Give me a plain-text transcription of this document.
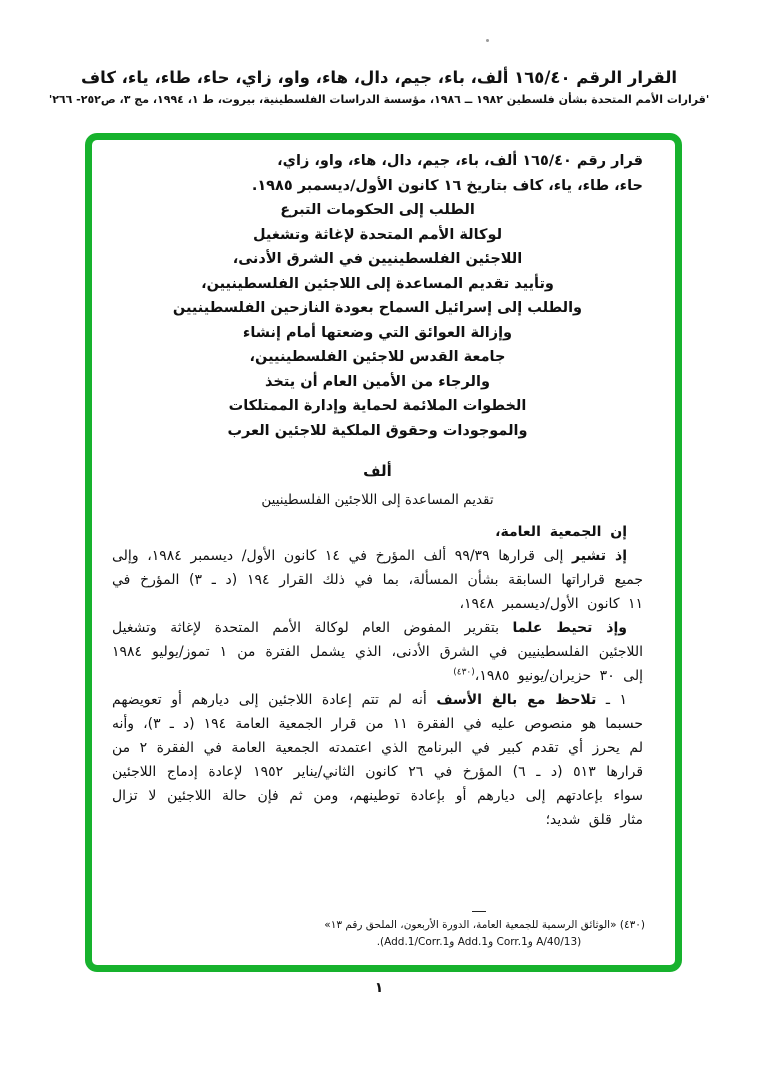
القرار الرقم ١٦٥/٤٠ ألف، باء، جيم، دال، هاء، واو، زاي، حاء، طاء، ياء، كاف
'قرارات الأمم المتحدة بشأن فلسطين ١٩٨٢ ــ ١٩٨٦، مؤسسة الدراسات الفلسطينية، بيروت، ط ١، ١٩٩٤، مج ٣، ص٢٥٢- ٢٦٦'
قرار رقم ١٦٥/٤٠ ألف، باء، جيم، دال، هاء، واو، زاي،
حاء، طاء، ياء، كاف بتاريخ ١٦ كانون الأول/ديسمبر ١٩٨٥.
الطلب إلى الحكومات التبرع
لوكالة الأمم المتحدة لإغاثة وتشغيل
اللاجئين الفلسطينيين في الشرق الأدنى،
وتأييد تقديم المساعدة إلى اللاجئين الفلسطينيين،
والطلب إلى إسرائيل السماح بعودة النازحين الفلسطينيين
وإزالة العوائق التي وضعتها أمام إنشاء
جامعة القدس للاجئين الفلسطينيين،
والرجاء من الأمين العام أن يتخذ
الخطوات الملائمة لحماية وإدارة الممتلكات
والموجودات وحقوق الملكية للاجئين العرب
ألف
تقديم المساعدة إلى اللاجئين الفلسطينيين

إن الجمعية العامة،

إذ تشير إلى قرارها ٩٩/٣٩ ألف المؤرخ في ١٤ كانون الأول/ ديسمبر ١٩٨٤، وإلى جميع قراراتها السابقة بشأن المسألة، بما في ذلك القرار ١٩٤ (د ـ ٣) المؤرخ في ١١ كانون الأول/ديسمبر ١٩٤٨،

وإذ تحيط علما بتقرير المفوض العام لوكالة الأمم المتحدة لإغاثة وتشغيل اللاجئين الفلسطينيين في الشرق الأدنى، الذي يشمل الفترة من ١ تموز/يوليو ١٩٨٤ إلى ٣٠ حزيران/يونيو ١٩٨٥،$^{(٤٣٠)}$

١ ـ تلاحظ مع بالغ الأسف أنه لم تتم إعادة اللاجئين إلى ديارهم أو تعويضهم حسبما هو منصوص عليه في الفقرة ١١ من قرار الجمعية العامة ١٩٤ (د ـ ٣)، وأنه لم يحرز أي تقدم كبير في البرنامج الذي اعتمدته الجمعية العامة في الفقرة ٢ من قرارها ٥١٣ (د ـ ٦) المؤرخ في ٢٦ كانون الثاني/يناير ١٩٥٢ لإعادة إدماج اللاجئين سواء بإعادتهم إلى ديارهم أو بإعادة توطينهم، ومن ثم فإن حالة اللاجئين لا تزال مثار قلق شديد؛

(٤٣٠) «الوثائق الرسمية للجمعية العامة، الدورة الأربعون، الملحق رقم ١٣»

(A/40/13 وCorr.1 وAdd.1 وAdd.1/Corr.1).

١
